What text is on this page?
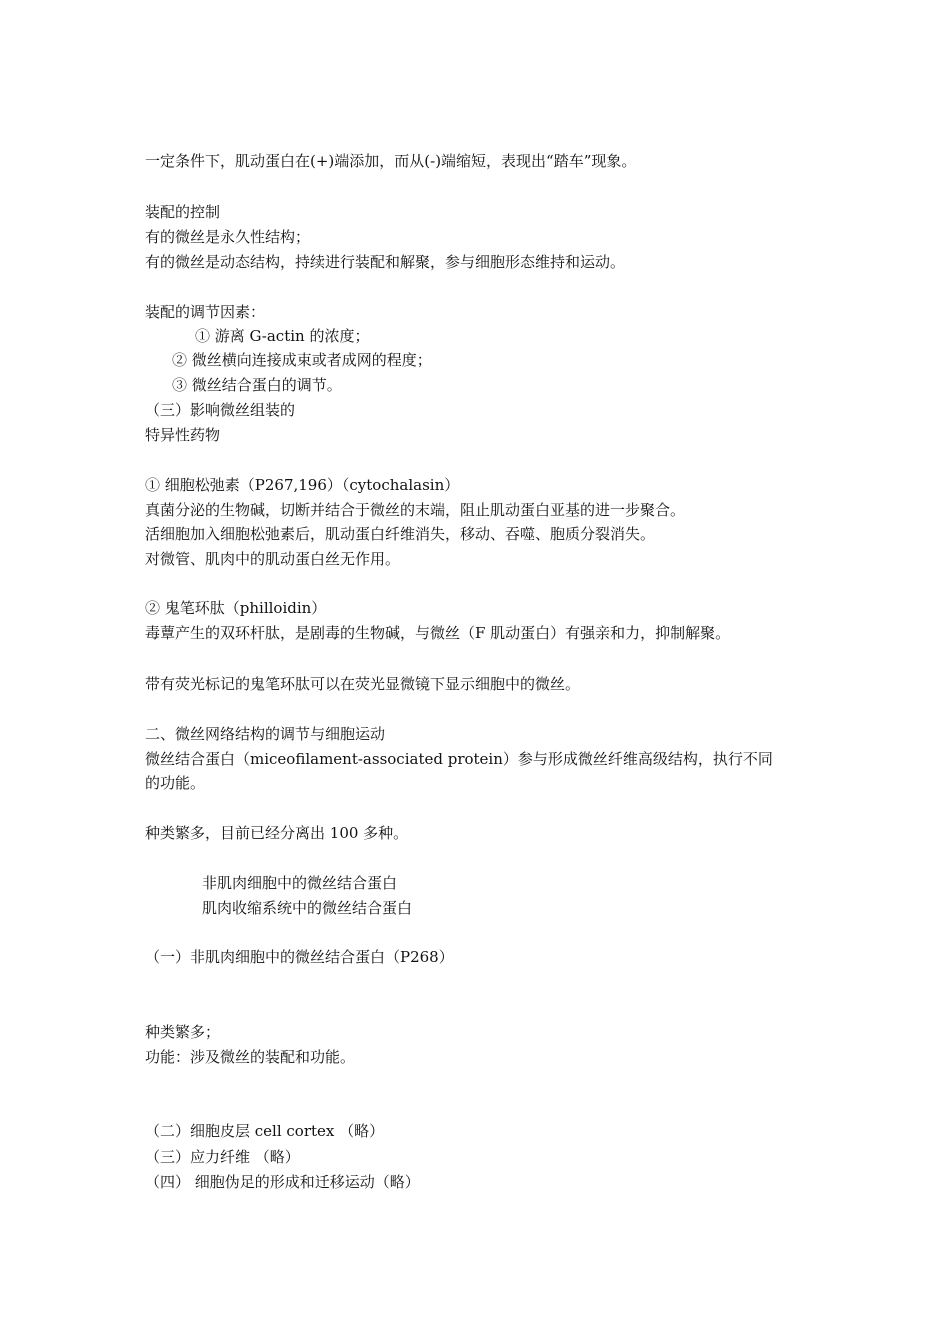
一定条件下，肌动蛋白在(+)端添加，而从(-)端缩短，表现出“踏车”现象。
装配的控制
有的微丝是永久性结构；
有的微丝是动态结构，持续进行装配和解聚，参与细胞形态维持和运动。
装配的调节因素：
① 游离 G-actin 的浓度；
② 微丝横向连接成束或者成网的程度；
③ 微丝结合蛋白的调节。
（三）影响微丝组装的
特异性药物
① 细胞松弛素（P267,196）（cytochalasin）
真菌分泌的生物碱，切断并结合于微丝的末端，阻止肌动蛋白亚基的进一步聚合。
活细胞加入细胞松弛素后，肌动蛋白纤维消失，移动、吞噬、胞质分裂消失。
对微管、肌肉中的肌动蛋白丝无作用。
② 鬼笔环肽（philloidin）
毒蕈产生的双环杆肽，是剧毒的生物碱，与微丝（F 肌动蛋白）有强亲和力，抑制解聚。
带有荧光标记的鬼笔环肽可以在荧光显微镜下显示细胞中的微丝。
二、微丝网络结构的调节与细胞运动
微丝结合蛋白（miceofilament-associated protein）参与形成微丝纤维高级结构，执行不同
的功能。
种类繁多，目前已经分离出 100 多种。
非肌肉细胞中的微丝结合蛋白
肌肉收缩系统中的微丝结合蛋白
（一）非肌肉细胞中的微丝结合蛋白（P268）
种类繁多；
功能：涉及微丝的装配和功能。
（二）细胞皮层 cell cortex （略）
（三）应力纤维 （略）
（四） 细胞伪足的形成和迁移运动（略）
